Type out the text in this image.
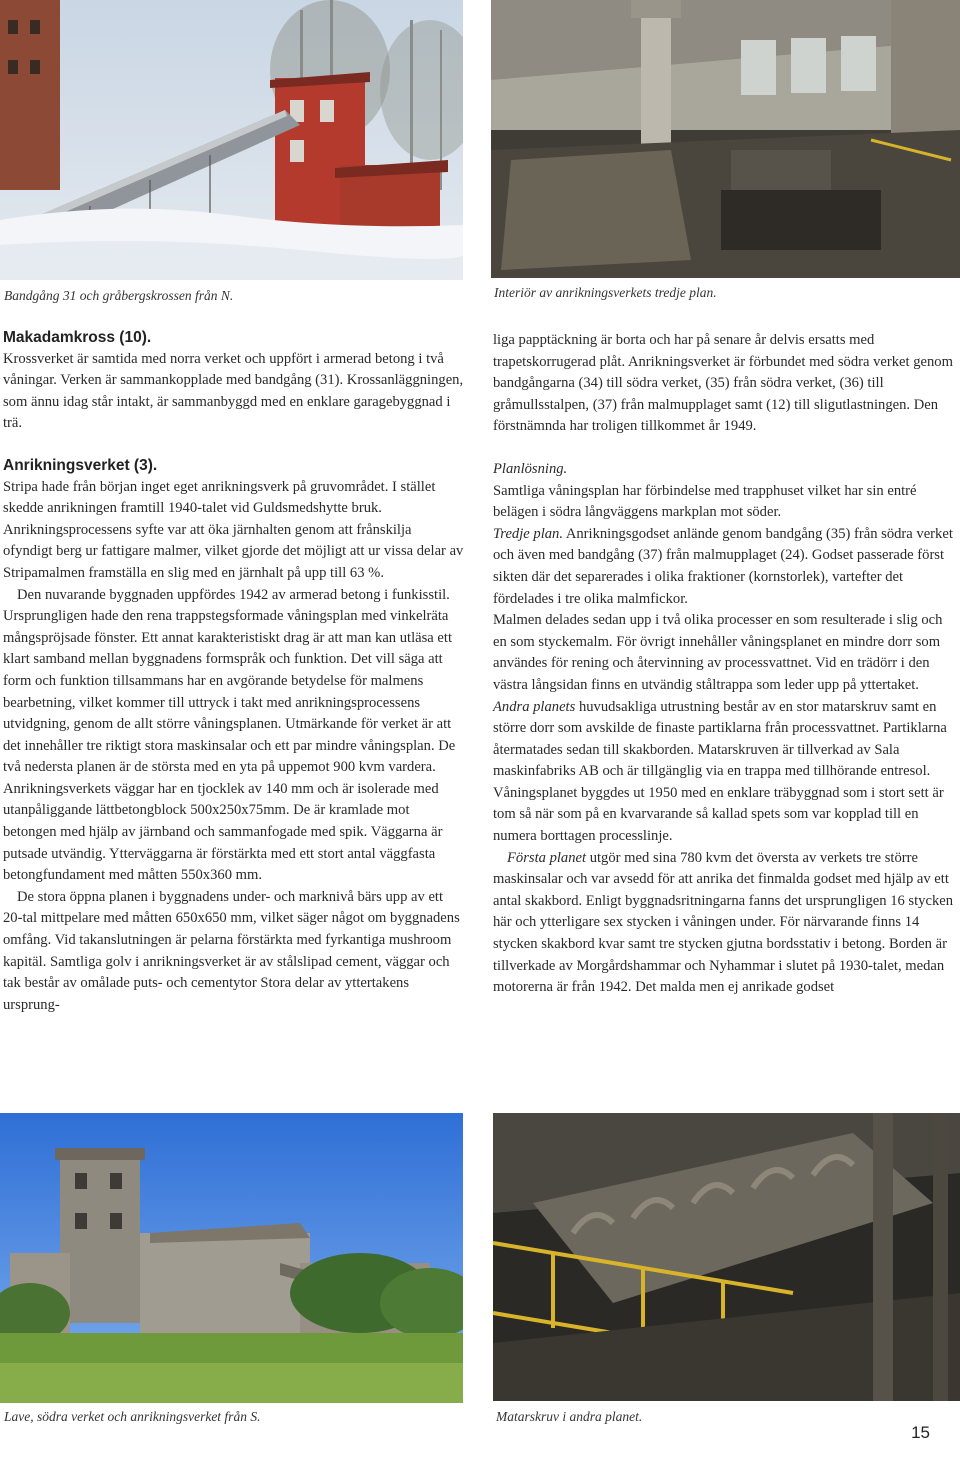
Bandgång 31 och gråbergskrossen från N.	Interiör av anrikningsverkets tredje plan.

Makadamkross (10).

Krossverket är samtida med norra verket och uppfört i armerad betong i två våningar. Verken är sammankopplade med bandgång (31). Krossanläggningen, som ännu idag står intakt, är sammanbyggd med en enklare garagebyggnad i trä.

Anrikningsverket (3).

Stripa hade från början inget eget anrikningsverk på gruvområdet. I stället skedde anrikningen framtill 1940-talet vid Guldsmedshytte bruk. Anrikningsprocessens syfte var att öka järnhalten genom att frånskilja ofyndigt berg ur fattigare malmer, vilket gjorde det möjligt att ur vissa delar av Stripamalmen framställa en slig med en järnhalt på upp till 63 %.

Den nuvarande byggnaden uppfördes 1942 av armerad betong i funkisstil. Ursprungligen hade den rena trappstegsformade våningsplan med vinkelräta mångspröjsade fönster. Ett annat karakteristiskt drag är att man kan utläsa ett klart samband mellan byggnadens formspråk och funktion. Det vill säga att form och funktion tillsammans har en avgörande betydelse för malmens bearbetning, vilket kommer till uttryck i takt med anrikningsprocessens utvidgning, genom de allt större våningsplanen. Utmärkande för verket är att det innehåller tre riktigt stora maskinsalar och ett par mindre våningsplan. De två nedersta planen är de största med en yta på uppemot 900 kvm vardera. Anrikningsverkets väggar har en tjocklek av 140 mm och är isolerade med utanpåliggande lättbetongblock 500x250x75mm. De är kramlade mot betongen med hjälp av järnband och sammanfogade med spik. Väggarna är putsade utvändig. Ytterväggarna är förstärkta med ett stort antal väggfasta betongfundament med måtten 550x360 mm.

De stora öppna planen i byggnadens under- och marknivå bärs upp av ett 20-tal mittpelare med måtten 650x650 mm, vilket säger något om byggnadens omfång. Vid takanslutningen är pelarna förstärkta med fyrkantiga mushroom kapitäl. Samtliga golv i anrikningsverket är av stålslipad cement, väggar och tak består av omålade puts- och cementytor Stora delar av yttertakens ursprung-

liga papptäckning är borta och har på senare år delvis ersatts med trapetskorrugerad plåt. Anrikningsverket är förbundet med södra verket genom bandgångarna (34) till södra verket, (35) från södra verket, (36) till gråmullsstalpen, (37) från malmupplaget samt (12) till sligutlastningen. Den förstnämnda har troligen tillkommet år 1949.

Planlösning.

Samtliga våningsplan har förbindelse med trapphuset vilket har sin entré belägen i södra långväggens markplan mot söder.

Tredje plan. Anrikningsgodset anlände genom bandgång (35) från södra verket och även med bandgång (37) från malmupplaget (24). Godset passerade först sikten där det separerades i olika fraktioner (kornstorlek), vartefter det fördelades i tre olika malmfickor.

Malmen delades sedan upp i två olika processer en som resulterade i slig och en som styckemalm. För övrigt innehåller våningsplanet en mindre dorr som användes för rening och återvinning av processvattnet. Vid en trädörr i den västra långsidan finns en utvändig ståltrappa som leder upp på yttertaket.

Andra planets huvudsakliga utrustning består av en stor matarskruv samt en större dorr som avskilde de finaste partiklarna från processvattnet. Partiklarna återmatades sedan till skakborden. Matarskruven är tillverkad av Sala maskinfabriks AB och är tillgänglig via en trappa med tillhörande entresol. Våningsplanet byggdes ut 1950 med en enklare träbyggnad som i stort sett är tom så när som på en kvarvarande så kallad spets som var kopplad till en numera borttagen processlinje.

Första planet utgör med sina 780 kvm det översta av verkets tre större maskinsalar och var avsedd för att anrika det finmalda godset med hjälp av ett antal skakbord. Enligt byggnadsritningarna fanns det ursprungligen 16 stycken här och ytterligare sex stycken i våningen under. För närvarande finns 14 stycken skakbord kvar samt tre stycken gjutna bordsstativ i betong. Borden är tillverkade av Morgårdshammar och Nyhammar i slutet på 1930-talet, medan motorerna är från 1942. Det malda men ej anrikade godset

Lave, södra verket och anrikningsverket från S.	Matarskruv i andra planet.
15
